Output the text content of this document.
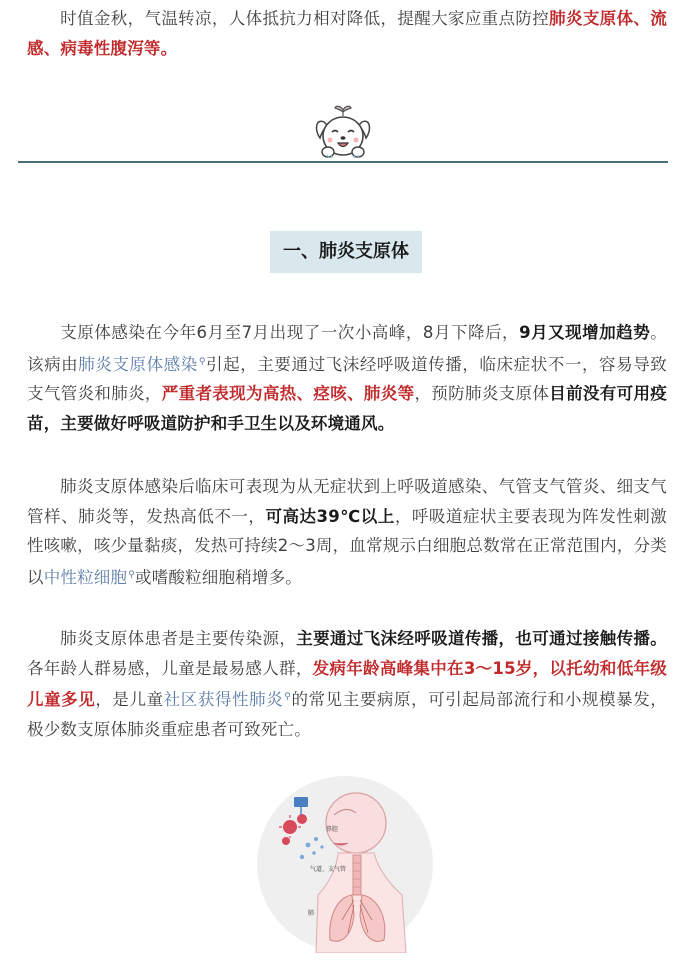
时值金秋，气温转凉，人体抵抗力相对降低，提醒大家应重点防控肺炎支原体、流感、病毒性腹泻等。

一、肺炎支原体

支原体感染在今年6月至7月出现了一次小高峰，8月下降后，9月又现增加趋势。该病由肺炎支原体感染⚲引起，主要通过飞沫经呼吸道传播，临床症状不一，容易导致支气管炎和肺炎，严重者表现为高热、痉咳、肺炎等，预防肺炎支原体目前没有可用疫苗，主要做好呼吸道防护和手卫生以及环境通风。

肺炎支原体感染后临床可表现为从无症状到上呼吸道感染、气管支气管炎、细支气管样、肺炎等，发热高低不一，可高达39℃以上，呼吸道症状主要表现为阵发性刺激性咳嗽，咳少量黏痰，发热可持续2～3周，血常规示白细胞总数常在正常范围内，分类以中性粒细胞⚲或嗜酸粒细胞稍增多。

肺炎支原体患者是主要传染源，主要通过飞沫经呼吸道传播，也可通过接触传播。各年龄人群易感，儿童是最易感人群，发病年龄高峰集中在3～15岁，以托幼和低年级儿童多见，是儿童社区获得性肺炎⚲的常见主要病原，可引起局部流行和小规模暴发，极少数支原体肺炎重症患者可致死亡。

鼻腔
气道、支气管
肺
